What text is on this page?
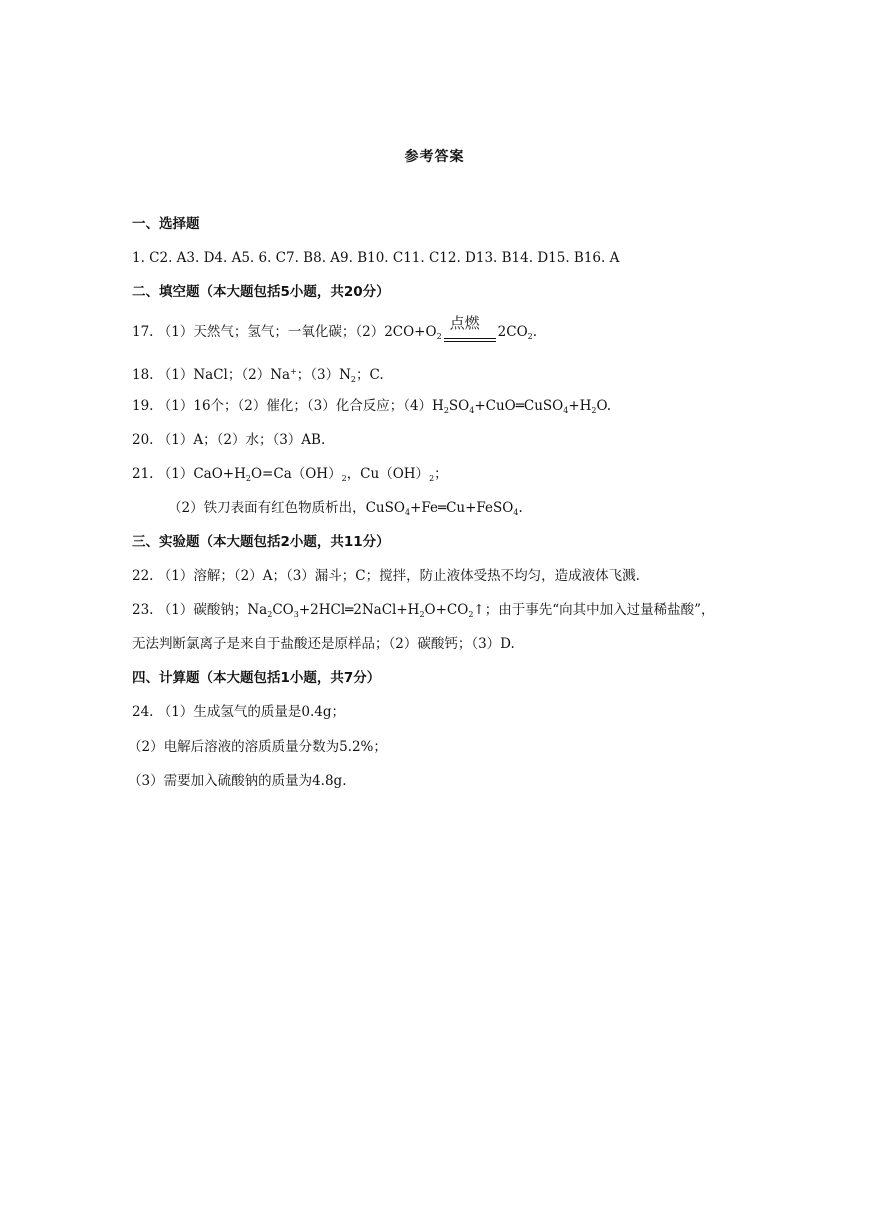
参考答案
一、选择题
1. C2. A3. D4. A5. 6. C7. B8. A9. B10. C11. C12. D13. B14. D15. B16. A
二、填空题（本大题包括5小题，共20分）
17. （1）天然气；氢气；一氧化碳；$(2)2CO+O_2$
点燃 $2CO_2$.
18. （1）NaCl；（2）Na+；$(3)N_2$；C.
19. （1）16个；（2）催化；（3）化合反应；$(4)H_2SO_4+CuO═CuSO_4+H_2O$.
20. （1）A；（2）水；（3）AB.
21. $(1)CaO+H_2O=Ca(OH)_2$，$Cu(OH)_2$；
（2）铁刀表面有红色物质析出，CuSO$_4$+Fe═Cu+FeSO$_4$.
三、实验题（本大题包括2小题，共11分）
22. （1）溶解；（2）A；（3）漏斗；C；搅拌，防止液体受热不均匀，造成液体飞溅.
23. （1）碳酸钠；$Na_2CO_3+2HCl═2NaCl+H_2O+CO_2↑$；由于事先“向其中加入过量稀盐酸”，
无法判断氯离子是来自于盐酸还是原样品；（2）碳酸钙；（3）D.
四、计算题（本大题包括1小题，共7分）
24. （1）生成氢气的质量是0.4g；
（2）电解后溶液的溶质质量分数为5.2%；
（3）需要加入硫酸钠的质量为4.8g.
